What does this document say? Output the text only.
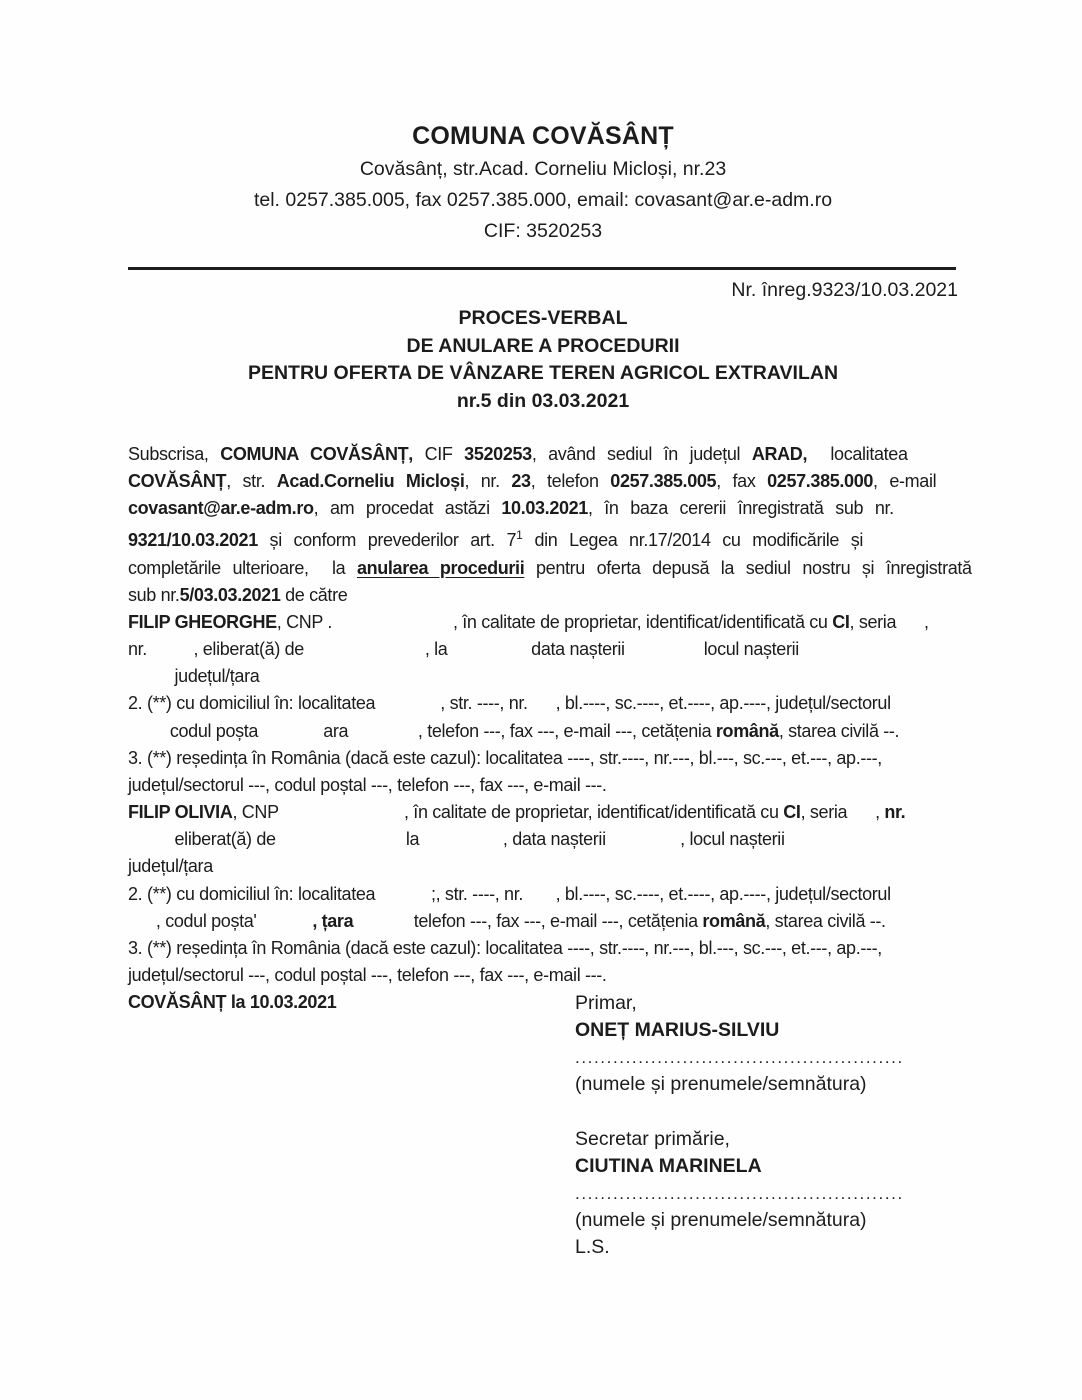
COMUNA COVĂSÂNȚ
Covăsânț, str.Acad. Corneliu Micloși, nr.23
tel. 0257.385.005, fax 0257.385.000, email: covasant@ar.e-adm.ro
CIF: 3520253
Nr. înreg.9323/10.03.2021
PROCES-VERBAL
DE ANULARE A PROCEDURII
PENTRU OFERTA DE VÂNZARE TEREN AGRICOL EXTRAVILAN
nr.5 din 03.03.2021
Subscrisa, COMUNA COVĂSÂNȚ, CIF 3520253, având sediul în județul ARAD,  localitatea
COVĂSÂNȚ, str. Acad.Corneliu Micloși, nr. 23, telefon 0257.385.005, fax 0257.385.000, e-mail
covasant@ar.e-adm.ro, am procedat astăzi 10.03.2021, în baza cererii înregistrată sub nr.
9321/10.03.2021 și conform prevederilor art. $7^1$ din Legea nr.17/2014 cu modificările și
completările ulterioare,  la anularea procedurii pentru oferta depusă la sediul nostru și înregistrată
sub nr.5/03.03.2021 de către
FILIP GHEORGHE, CNP .                          , în calitate de proprietar, identificat/identificată cu CI, seria      ,
nr.          , eliberat(ă) de                          , la                  data nașterii                 locul nașterii
județul/țara
2. (**) cu domiciliul în: localitatea              , str. ----, nr.      , bl.----, sc.----, et.----, ap.----, județul/sectorul
codul poșta              ara               , telefon ---, fax ---, e-mail ---, cetățenia română, starea civilă --.
3. (**) reședința în România (dacă este cazul): localitatea ----, str.----, nr.---, bl.---, sc.---, et.---, ap.---,
județul/sectorul ---, codul poștal ---, telefon ---, fax ---, e-mail ---.
FILIP OLIVIA, CNP                           , în calitate de proprietar, identificat/identificată cu CI, seria      , nr.
eliberat(ă) de                            la                  , data nașterii                , locul nașterii
județul/țara
2. (**) cu domiciliul în: localitatea            ;, str. ----, nr.       , bl.----, sc.----, et.----, ap.----, județul/sectorul
, codul poșta'            , țara             telefon ---, fax ---, e-mail ---, cetățenia română, starea civilă --.
3. (**) reședința în România (dacă este cazul): localitatea ----, str.----, nr.---, bl.---, sc.---, et.---, ap.---,
județul/sectorul ---, codul poștal ---, telefon ---, fax ---, e-mail ---.
COVĂSÂNȚ la 10.03.2021	Primar,
ONEȚ MARIUS-SILVIU
....................................................
(numele și prenumele/semnătura)
Secretar primărie,
CIUTINA MARINELA
....................................................
(numele și prenumele/semnătura)
L.S.
